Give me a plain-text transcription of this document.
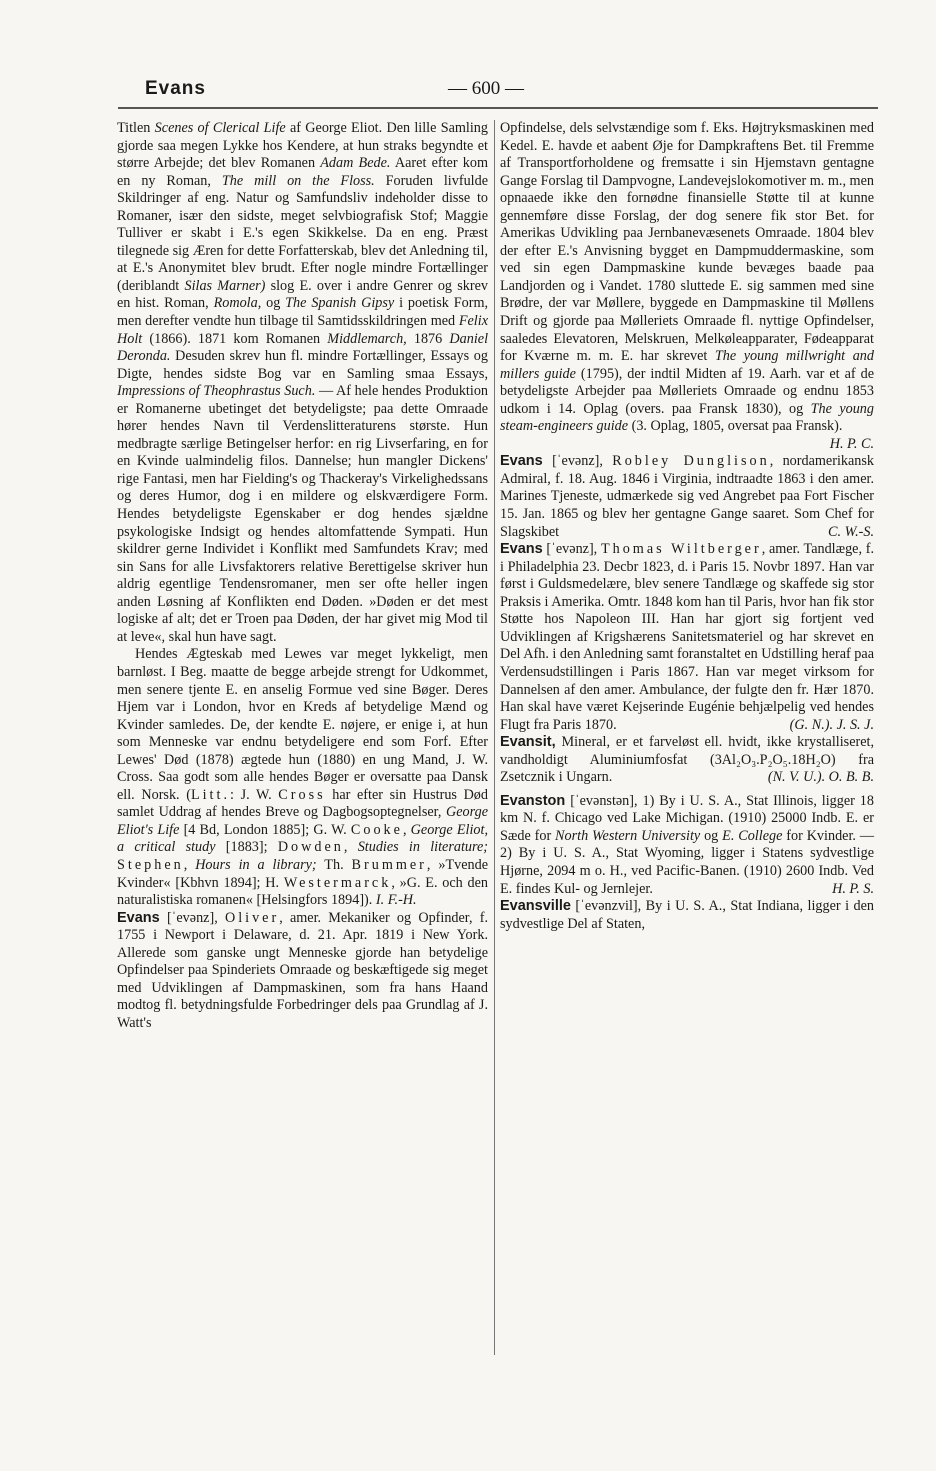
Evans	— 600 —

Titlen Scenes of Clerical Life af George Eliot. Den lille Samling gjorde saa megen Lykke hos Kendere, at hun straks begyndte et større Arbejde; det blev Romanen Adam Bede. Aaret efter kom en ny Roman, The mill on the Floss. Foruden livfulde Skildringer af eng. Natur og Samfundsliv indeholder disse to Romaner, især den sidste, meget selvbiografisk Stof; Maggie Tulliver er skabt i E.'s egen Skikkelse. Da en eng. Præst tilegnede sig Æren for dette Forfatterskab, blev det Anledning til, at E.'s Anonymitet blev brudt. Efter nogle mindre Fortællinger (deriblandt Silas Marner) slog E. over i andre Genrer og skrev en hist. Roman, Romola, og The Spanish Gipsy i poetisk Form, men derefter vendte hun tilbage til Samtidsskildringen med Felix Holt (1866). 1871 kom Romanen Middlemarch, 1876 Daniel Deronda. Desuden skrev hun fl. mindre Fortællinger, Essays og Digte, hendes sidste Bog var en Samling smaa Essays, Impressions of Theophrastus Such. — Af hele hendes Produktion er Romanerne ubetinget det betydeligste; paa dette Omraade hører hendes Navn til Verdenslitteraturens største. Hun medbragte særlige Betingelser herfor: en rig Livserfaring, en for en Kvinde ualmindelig filos. Dannelse; hun mangler Dickens' rige Fantasi, men har Fielding's og Thackeray's Virkelighedssans og deres Humor, dog i en mildere og elskværdigere Form. Hendes betydeligste Egenskaber er dog hendes sjældne psykologiske Indsigt og hendes altomfattende Sympati. Hun skildrer gerne Individet i Konflikt med Samfundets Krav; med sin Sans for alle Livsfaktorers relative Berettigelse skriver hun aldrig egentlige Tendensromaner, men ser ofte heller ingen anden Løsning af Konflikten end Døden. »Døden er det mest logiske af alt; det er Troen paa Døden, der har givet mig Mod til at leve«, skal hun have sagt.

Hendes Ægteskab med Lewes var meget lykkeligt, men barnløst. I Beg. maatte de begge arbejde strengt for Udkommet, men senere tjente E. en anselig Formue ved sine Bøger. Deres Hjem var i London, hvor en Kreds af betydelige Mænd og Kvinder samledes. De, der kendte E. nøjere, er enige i, at hun som Menneske var endnu betydeligere end som Forf. Efter Lewes' Død (1878) ægtede hun (1880) en ung Mand, J. W. Cross. Saa godt som alle hendes Bøger er oversatte paa Dansk ell. Norsk. (Litt.: J. W. Cross har efter sin Hustrus Død samlet Uddrag af hendes Breve og Dagbogsoptegnelser, George Eliot's Life [4 Bd, London 1885]; G. W. Cooke, George Eliot, a critical study [1883]; Dowden, Studies in literature; Stephen, Hours in a library; Th. Brummer, »Tvende Kvinder« [Kbhvn 1894]; H. Westermarck, »G. E. och den naturalistiska romanen« [Helsingfors 1894]). I. F.-H.

Evans [ˈevənz], Oliver, amer. Mekaniker og Opfinder, f. 1755 i Newport i Delaware, d. 21. Apr. 1819 i New York. Allerede som ganske ungt Menneske gjorde han betydelige Opfindelser paa Spinderiets Omraade og beskæftigede sig meget med Udviklingen af Dampmaskinen, som fra hans Haand modtog fl. betydningsfulde Forbedringer dels paa Grundlag af J. Watt's

Opfindelse, dels selvstændige som f. Eks. Højtryksmaskinen med Kedel. E. havde et aabent Øje for Dampkraftens Bet. til Fremme af Transportforholdene og fremsatte i sin Hjemstavn gentagne Gange Forslag til Dampvogne, Landevejslokomotiver m. m., men opnaaede ikke den fornødne finansielle Støtte til at kunne gennemføre disse Forslag, der dog senere fik stor Bet. for Amerikas Udvikling paa Jernbanevæsenets Omraade. 1804 blev der efter E.'s Anvisning bygget en Dampmuddermaskine, som ved sin egen Dampmaskine kunde bevæges baade paa Landjorden og i Vandet. 1780 sluttede E. sig sammen med sine Brødre, der var Møllere, byggede en Dampmaskine til Møllens Drift og gjorde paa Mølleriets Omraade fl. nyttige Opfindelser, saaledes Elevatoren, Melskruen, Melkøleapparater, Fødeapparat for Kværne m. m. E. har skrevet The young millwright and millers guide (1795), der indtil Midten af 19. Aarh. var et af de betydeligste Arbejder paa Mølleriets Omraade og endnu 1853 udkom i 14. Oplag (overs. paa Fransk 1830), og The young steam-engineers guide (3. Oplag, 1805, oversat paa Fransk).
H. P. C.

Evans [ˈevənz], Robley Dunglison, nordamerikansk Admiral, f. 18. Aug. 1846 i Virginia, indtraadte 1863 i den amer. Marines Tjeneste, udmærkede sig ved Angrebet paa Fort Fischer 15. Jan. 1865 og blev her gentagne Gange saaret. Som Chef for Slagskibet	C. W.-S.

Evans [ˈevənz], Thomas Wiltberger, amer. Tandlæge, f. i Philadelphia 23. Decbr 1823, d. i Paris 15. Novbr 1897. Han var først i Guldsmedelære, blev senere Tandlæge og skaffede sig stor Praksis i Amerika. Omtr. 1848 kom han til Paris, hvor han fik stor Støtte hos Napoleon III. Han har gjort sig fortjent ved Udviklingen af Krigshærens Sanitetsmateriel og har skrevet en Del Afh. i den Anledning samt foranstaltet en Udstilling heraf paa Verdensudstillingen i Paris 1867. Han var meget virksom for Dannelsen af den amer. Ambulance, der fulgte den fr. Hær 1870. Han skal have været Kejserinde Eugénie behjælpelig ved hendes Flugt fra Paris 1870.	(G. N.). J. S. J.

Evansit, Mineral, er et farveløst ell. hvidt, ikke krystalliseret, vandholdigt Aluminiumfosfat (3Al₂O₃.P₂O₅.18H₂O) fra Zsetcznik i Ungarn.	(N. V. U.). O. B. B.

Evanston [ˈevənstən], 1) By i U. S. A., Stat Illinois, ligger 18 km N. f. Chicago ved Lake Michigan. (1910) 25000 Indb. E. er Sæde for North Western University og E. College for Kvinder. — 2) By i U. S. A., Stat Wyoming, ligger i Statens sydvestlige Hjørne, 2094 m o. H., ved Pacific-Banen. (1910) 2600 Indb. Ved E. findes Kul- og Jernlejer.	H. P. S.

Evansville [ˈevənzvil], By i U. S. A., Stat Indiana, ligger i den sydvestlige Del af Staten,
